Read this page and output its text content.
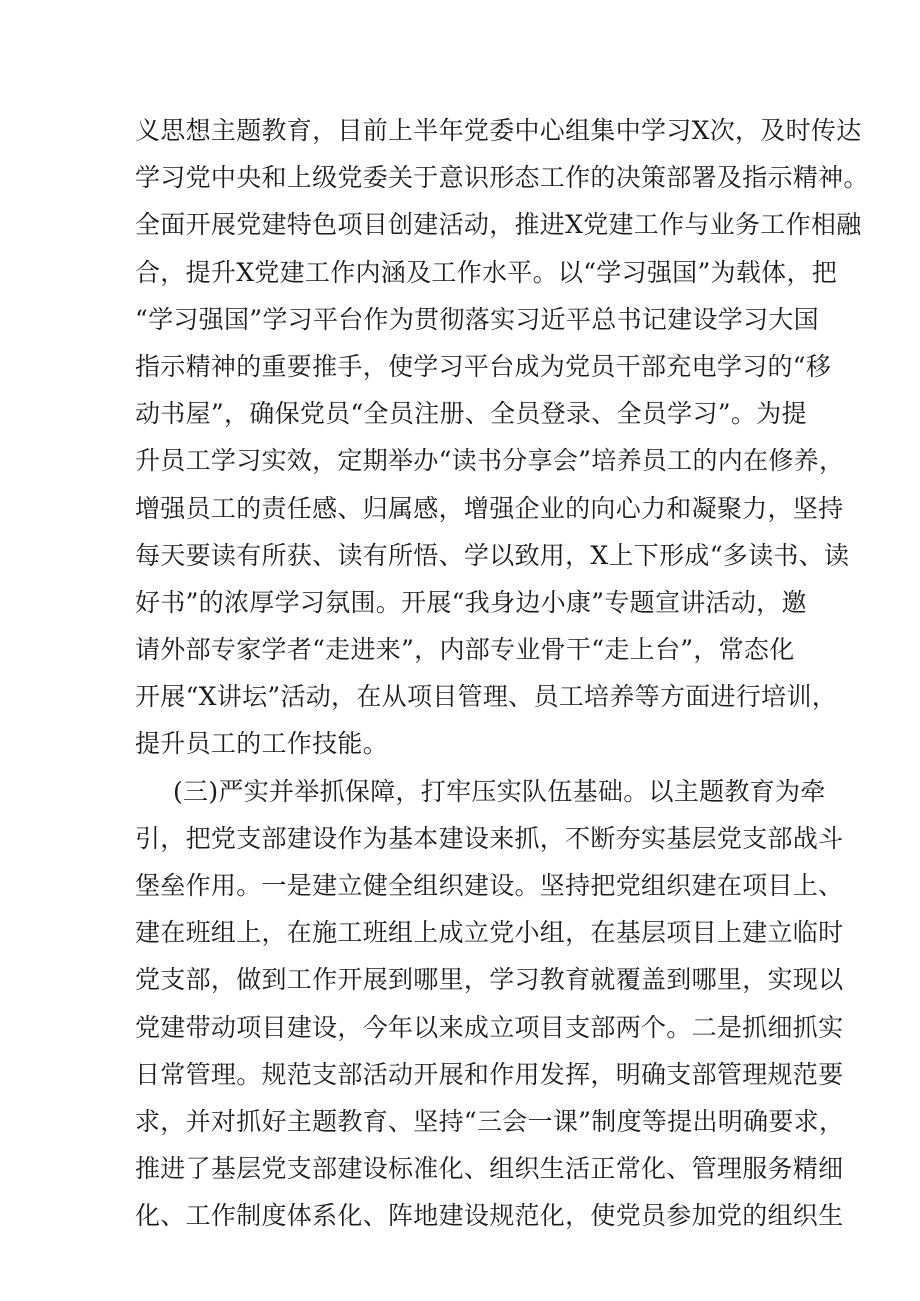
义思想主题教育，目前上半年党委中心组集中学习X次，及时传达
学习党中央和上级党委关于意识形态工作的决策部署及指示精神。
全面开展党建特色项目创建活动，推进X党建工作与业务工作相融
合，提升X党建工作内涵及工作水平。以“学习强国”为载体，把
“学习强国”学习平台作为贯彻落实习近平总书记建设学习大国
指示精神的重要推手，使学习平台成为党员干部充电学习的“移
动书屋”，确保党员“全员注册、全员登录、全员学习”。为提
升员工学习实效，定期举办“读书分享会”培养员工的内在修养，
增强员工的责任感、归属感，增强企业的向心力和凝聚力，坚持
每天要读有所获、读有所悟、学以致用，X上下形成“多读书、读
好书”的浓厚学习氛围。开展“我身边小康”专题宣讲活动，邀
请外部专家学者“走进来”，内部专业骨干“走上台”，常态化
开展“X讲坛”活动，在从项目管理、员工培养等方面进行培训，
提升员工的工作技能。
(三)严实并举抓保障，打牢压实队伍基础。以主题教育为牵
引，把党支部建设作为基本建设来抓，不断夯实基层党支部战斗
堡垒作用。一是建立健全组织建设。坚持把党组织建在项目上、
建在班组上，在施工班组上成立党小组，在基层项目上建立临时
党支部，做到工作开展到哪里，学习教育就覆盖到哪里，实现以
党建带动项目建设，今年以来成立项目支部两个。二是抓细抓实
日常管理。规范支部活动开展和作用发挥，明确支部管理规范要
求，并对抓好主题教育、坚持“三会一课”制度等提出明确要求，
推进了基层党支部建设标准化、组织生活正常化、管理服务精细
化、工作制度体系化、阵地建设规范化，使党员参加党的组织生
